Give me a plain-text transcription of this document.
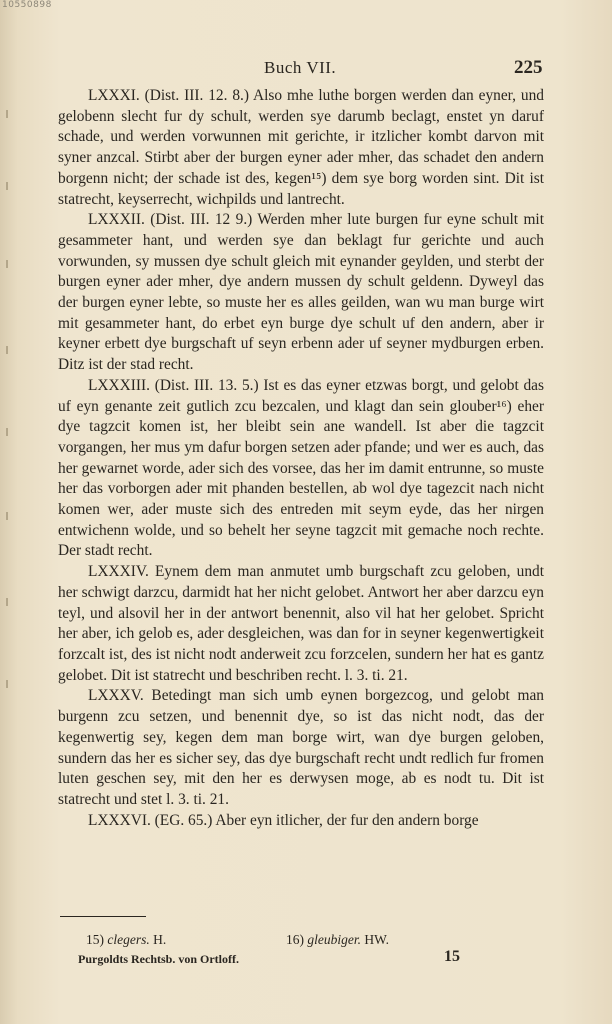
10550898
Buch VII.	225

LXXXI. (Dist. III. 12. 8.) Also mhe luthe borgen werden dan eyner, und gelobenn slecht fur dy schult, werden sye darumb beclagt, enstet yn daruf schade, und werden vorwunnen mit gerichte, ir itzlicher kombt darvon mit syner anzcal. Stirbt aber der burgen eyner ader mher, das schadet den andern borgenn nicht; der schade ist des, kegen¹⁵) dem sye borg worden sint. Dit ist statrecht, keyserrecht, wichpilds und lantrecht.

LXXXII. (Dist. III. 12 9.) Werden mher lute burgen fur eyne schult mit gesammeter hant, und werden sye dan beklagt fur gerichte und auch vorwunden, sy mussen dye schult gleich mit eynander geylden, und sterbt der burgen eyner ader mher, dye andern mussen dy schult geldenn. Dyweyl das der burgen eyner lebte, so muste her es alles geilden, wan wu man burge wirt mit gesammeter hant, do erbet eyn burge dye schult uf den andern, aber ir keyner erbett dye burgschaft uf seyn erbenn ader uf seyner mydburgen erben. Ditz ist der stad recht.

LXXXIII. (Dist. III. 13. 5.) Ist es das eyner etzwas borgt, und gelobt das uf eyn genante zeit gutlich zcu bezcalen, und klagt dan sein glouber¹⁶) eher dye tagzcit komen ist, her bleibt sein ane wandell. Ist aber die tagzcit vorgangen, her mus ym dafur borgen setzen ader pfande; und wer es auch, das her gewarnet worde, ader sich des vorsee, das her im damit entrunne, so muste her das vorborgen ader mit phanden bestellen, ab wol dye tagezcit nach nicht komen wer, ader muste sich des entreden mit seym eyde, das her nirgen entwichenn wolde, und so behelt her seyne tagzcit mit gemache noch rechte. Der stadt recht.

LXXXIV. Eynem dem man anmutet umb burgschaft zcu geloben, undt her schwigt darzcu, darmidt hat her nicht gelobet. Antwort her aber darzcu eyn teyl, und alsovil her in der antwort benennit, also vil hat her gelobet. Spricht her aber, ich gelob es, ader desgleichen, was dan for in seyner kegenwertigkeit forzcalt ist, des ist nicht nodt anderweit zcu forzcelen, sundern her hat es gantz gelobet. Dit ist statrecht und beschriben recht. l. 3. ti. 21.

LXXXV. Betedingt man sich umb eynen borgezcog, und gelobt man burgenn zcu setzen, und benennit dye, so ist das nicht nodt, das der kegenwertig sey, kegen dem man borge wirt, wan dye burgen geloben, sundern das her es sicher sey, das dye burgschaft recht undt redlich fur fromen luten geschen sey, mit den her es derwysen moge, ab es nodt tu. Dit ist statrecht und stet l. 3. ti. 21.

LXXXVI. (EG. 65.) Aber eyn itlicher, der fur den andern borge

15) clegers. H.	16) gleubiger. HW.
Purgoldts Rechtsb. von Ortloff.	15
